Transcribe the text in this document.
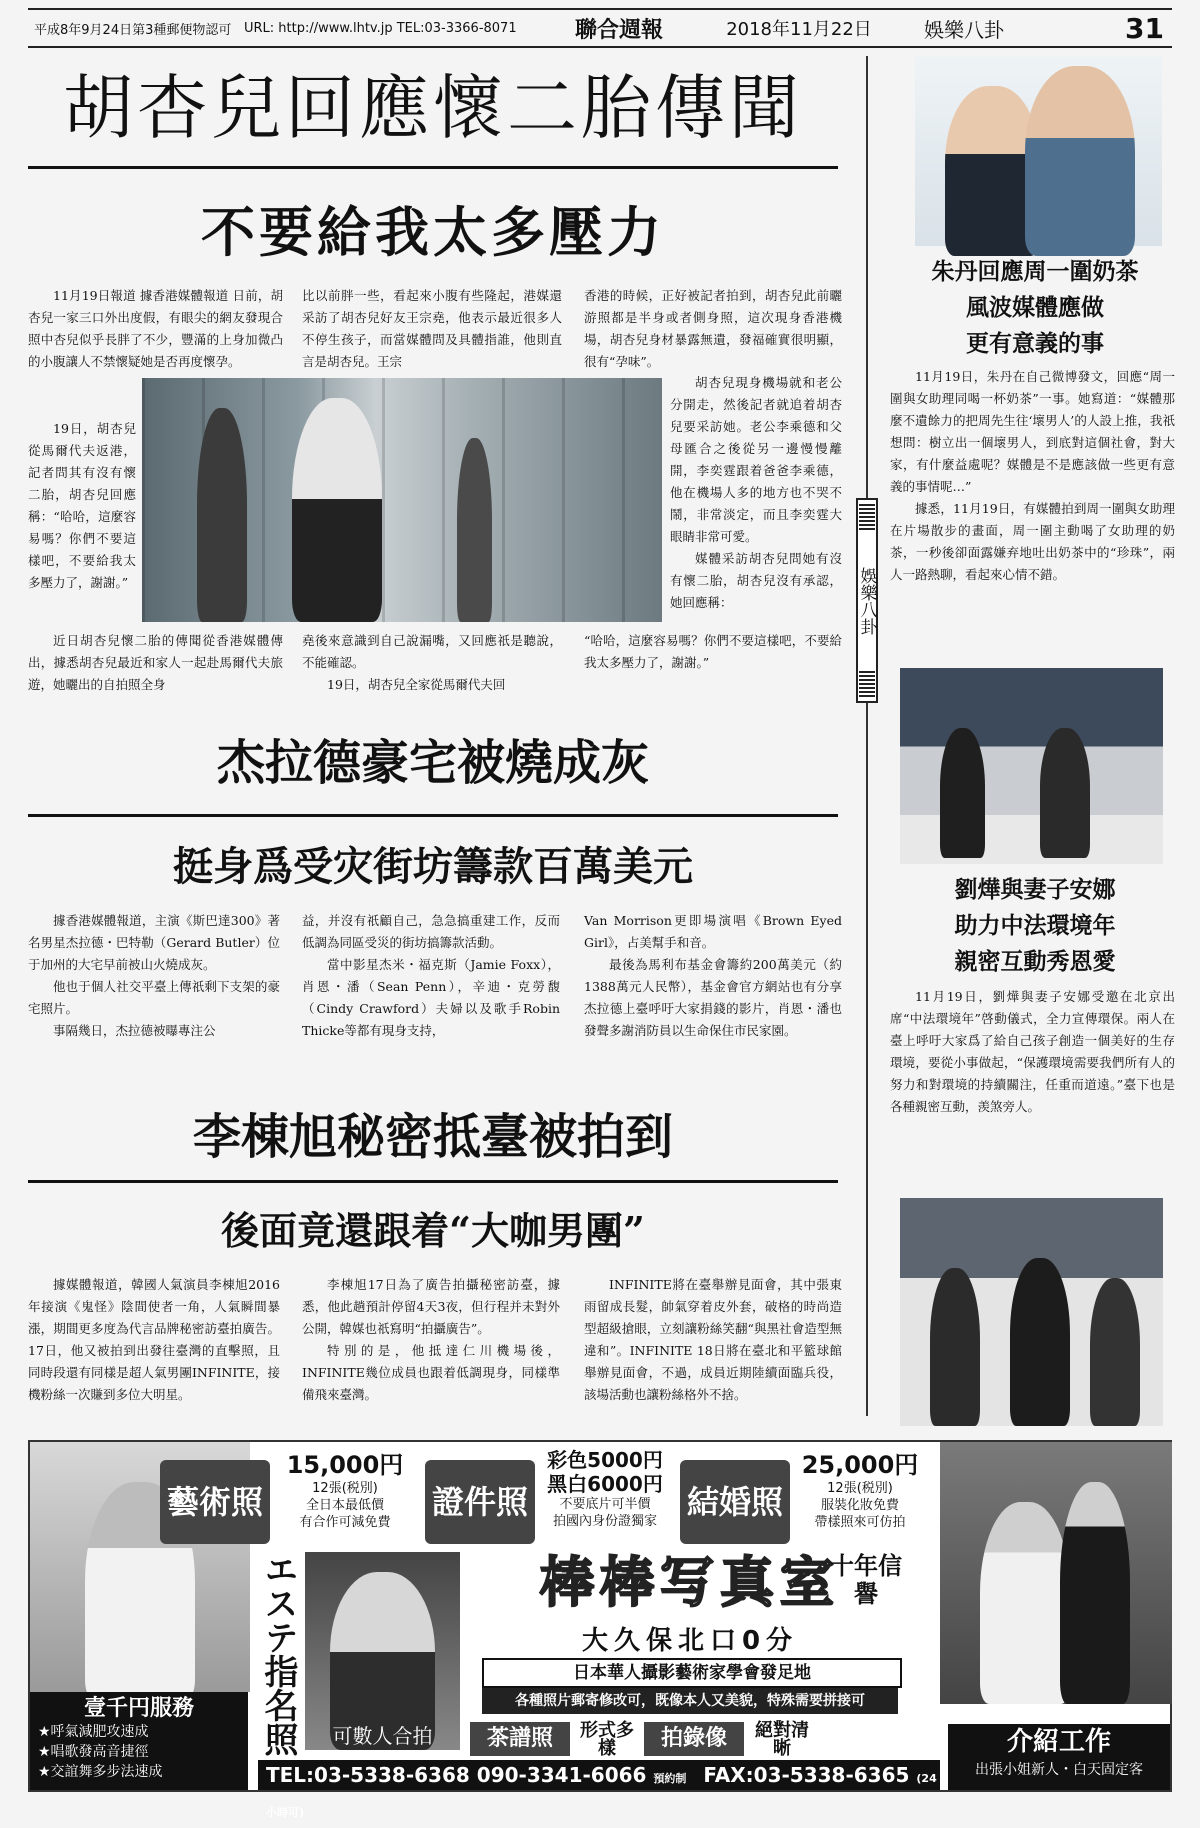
平成8年9月24日第3種郵便物認可 URL: http://www.lhtv.jp TEL:03-3366-8071	聯合週報	2018年11月22日	娛樂八卦	31
胡杏兒回應懷二胎傳聞
不要給我太多壓力

11月19日報道 據香港媒體報道 日前，胡杏兒一家三口外出度假，有眼尖的網友發現合照中杏兒似乎長胖了不少，豐滿的上身加微凸的小腹讓人不禁懷疑她是否再度懷孕。

19日，胡杏兒從馬爾代夫返港，記者問其有沒有懷二胎，胡杏兒回應稱：“哈哈，這麼容易嗎？你們不要這樣吧，不要給我太多壓力了，謝謝。”

近日胡杏兒懷二胎的傳聞從香港媒體傳出，據悉胡杏兒最近和家人一起赴馬爾代夫旅遊，她曬出的自拍照全身

比以前胖一些，看起來小腹有些隆起，港媒還采訪了胡杏兒好友王宗堯，他表示最近很多人不停生孩子，而當媒體問及具體指誰，他則直言是胡杏兒。王宗

堯後來意識到自己說漏嘴，又回應祇是聽說，不能確認。

19日，胡杏兒全家從馬爾代夫回

香港的時候，正好被記者拍到，胡杏兒此前曬游照都是半身或者側身照，這次現身香港機場，胡杏兒身材暴露無遺，發福確實很明顯，很有“孕味”。

胡杏兒現身機場就和老公分開走，然後記者就追着胡杏兒要采訪她。老公李乘德和父母匯合之後從另一邊慢慢離開，李奕霆跟着爸爸李乘德，他在機場人多的地方也不哭不鬧，非常淡定，而且李奕霆大眼睛非常可愛。

媒體采訪胡杏兒問她有沒有懷二胎，胡杏兒沒有承認，她回應稱：

“哈哈，這麼容易嗎？你們不要這樣吧，不要給我太多壓力了，謝謝。”

杰拉德豪宅被燒成灰
挺身爲受灾街坊籌款百萬美元

據香港媒體報道，主演《斯巴達300》著名男星杰拉德・巴特勒（Gerard Butler）位于加州的大宅早前被山火燒成灰。

他也于個人社交平臺上傳祇剩下支架的豪宅照片。

事隔幾日，杰拉德被曝專注公

益，并沒有祇顧自己，急急搞重建工作，反而低調為同區受災的街坊搞籌款活動。

當中影星杰米・福克斯（Jamie Foxx），肖恩・潘（Sean Penn），辛迪・克勞馥（Cindy Crawford）夫婦以及歌手Robin Thicke等都有現身支持，

Van Morrison更即場演唱《Brown Eyed Girl》，占美幫手和音。

最後為馬利布基金會籌約200萬美元（約1388萬元人民幣），基金會官方網站也有分享杰拉德上臺呼吁大家捐錢的影片，肖恩・潘也發聲多謝消防員以生命保住市民家園。

李棟旭秘密抵臺被拍到
後面竟還跟着“大咖男團”

據媒體報道，韓國人氣演員李棟旭2016年接演《鬼怪》陰間使者一角，人氣瞬間暴漲，期間更多度為代言品牌秘密訪臺拍廣告。17日，他又被拍到出發往臺灣的直擊照，且同時段還有同樣是超人氣男團INFINITE，接機粉絲一次賺到多位大明星。

李棟旭17日為了廣告拍攝秘密訪臺，據悉，他此趟預計停留4天3夜，但行程并未對外公開，韓媒也祇寫明“拍攝廣告”。

特別的是，他抵達仁川機場後，INFINITE幾位成員也跟着低調現身，同樣準備飛來臺灣。

INFINITE將在臺舉辦見面會，其中張東雨留成長髮，帥氣穿着皮外套，破格的時尚造型超級搶眼，立刻讓粉絲笑翻“與黑社會造型無違和”。INFINITE 18日將在臺北和平籃球館舉辦見面會，不過，成員近期陸續面臨兵役，該場活動也讓粉絲格外不捨。

娛樂八卦
朱丹回應周一圍奶茶
風波媒體應做
更有意義的事

11月19日，朱丹在自己微博發文，回應“周一圍與女助理同喝一杯奶茶”一事。她寫道：“媒體那麼不遺餘力的把周先生往‘壞男人’的人設上推，我祇想問：樹立出一個壞男人，到底對這個社會，對大家，有什麼益處呢？媒體是不是應該做一些更有意義的事情呢…”

據悉，11月19日，有媒體拍到周一圍與女助理在片場散步的畫面，周一圍主動喝了女助理的奶茶，一秒後卻面露嫌弃地吐出奶茶中的“珍珠”，兩人一路熱聊，看起來心情不錯。

劉燁與妻子安娜
助力中法環境年
親密互動秀恩愛

11月19日，劉燁與妻子安娜受邀在北京出席“中法環境年”啓動儀式，全力宣傳環保。兩人在臺上呼吁大家爲了給自己孩子創造一個美好的生存環境，要從小事做起，“保護環境需要我們所有人的努力和對環境的持續關注，任重而道遠。”臺下也是各種親密互動，羡煞旁人。

藝術照
15,000円
12張(税別)
全日本最低價
有合作可減免費
證件照
彩色5000円
黑白6000円
不要底片可半價
拍國內身份證獨家
結婚照
25,000円
12張(税別)
服裝化妝免費
帶樣照來可仿拍
エステ指名照	可數人合拍
棒棒写真室
十年信譽
大久保北口0分
日本華人攝影藝術家學會發足地
各種照片郵寄修改可，既像本人又美貌，特殊需要拼接可
茶譜照	形式多樣	拍錄像	絕對清晰
壹千円服務
★呼氣減肥攻速成
★唱歌發高音捷徑
★交誼舞多步法速成
介紹工作
出張小姐新人・白天固定客
TEL:03-5338-6368 090-3341-6066 預約制 FAX:03-5338-6365 (24小時可)
